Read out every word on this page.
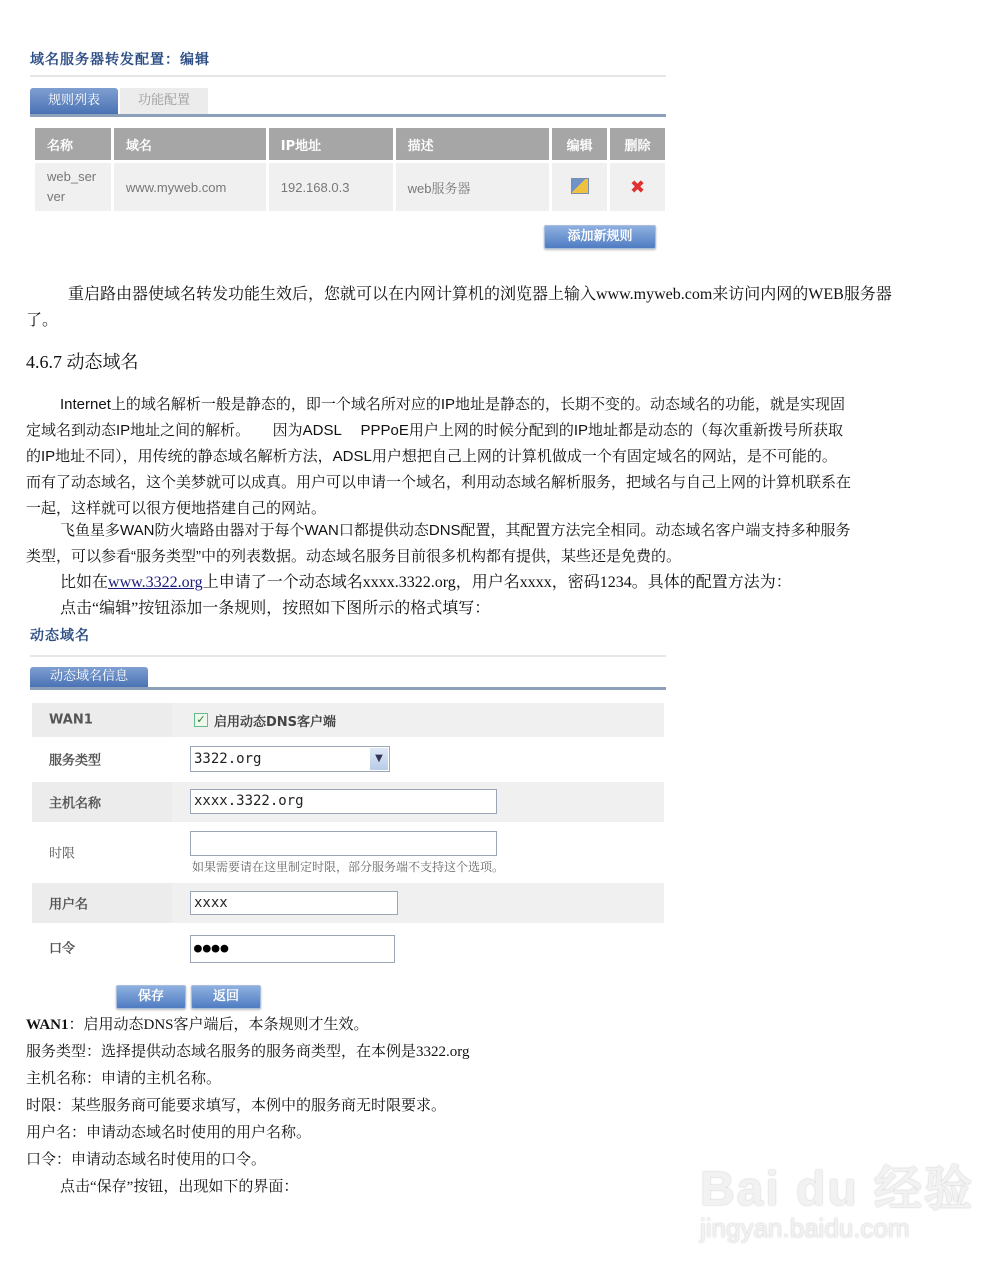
域名服务器转发配置：编辑
规则列表	功能配置
名称	域名	IP地址	描述	编辑	删除
web_server	www.myweb.com	192.168.0.3	web服务器		✖
添加新规则
重启路由器使域名转发功能生效后，您就可以在内网计算机的浏览器上输入www.myweb.com来访问内网的WEB服务器

了。
4.6.7 动态域名
Internet上的域名解析一般是静态的，即一个域名所对应的IP地址是静态的，长期不变的。动态域名的功能，就是实现固
定域名到动态IP地址之间的解析。　　因为ADSL　 PPPoE用户上网的时候分配到的IP地址都是动态的（每次重新拨号所获取
的IP地址不同），用传统的静态域名解析方法，ADSL用户想把自己上网的计算机做成一个有固定域名的网站，是不可能的。
而有了动态域名，这个美梦就可以成真。用户可以申请一个域名，利用动态域名解析服务，把域名与自己上网的计算机联系在
一起，这样就可以很方便地搭建自己的网站。
飞鱼星多WAN防火墙路由器对于每个WAN口都提供动态DNS配置，其配置方法完全相同。动态域名客户端支持多种服务
类型，可以参看“服务类型”中的列表数据。动态域名服务目前很多机构都有提供，某些还是免费的。
比如在www.3322.org上申请了一个动态域名xxxx.3322.org，用户名xxxx，密码1234。具体的配置方法为：
点击“编辑”按钮添加一条规则，按照如下图所示的格式填写：
动态域名
动态域名信息
WAN1	✓ 启用动态DNS客户端
服务类型	3322.org	▼
主机名称	xxxx.3322.org
时限
如果需要请在这里制定时限，部分服务端不支持这个选项。
用户名	xxxx
口令	●●●●
保存	返回
WAN1：启用动态DNS客户端后，本条规则才生效。
服务类型：选择提供动态域名服务的服务商类型，在本例是3322.org
主机名称：申请的主机名称。
时限：某些服务商可能要求填写，本例中的服务商无时限要求。
用户名：申请动态域名时使用的用户名称。
口令：申请动态域名时使用的口令。
点击“保存”按钮，出现如下的界面：	Bai du 经验
jingyan.baidu.com
